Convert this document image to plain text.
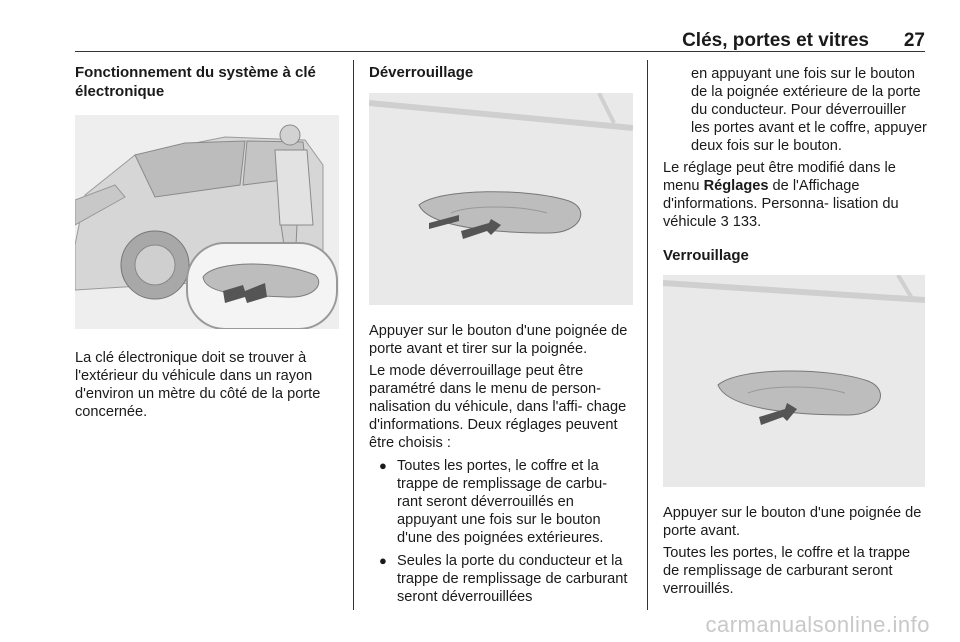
Clés, portes et vitres 27
Fonctionnement du système à clé électronique

La clé électronique doit se trouver à l'extérieur du véhicule dans un rayon d'environ un mètre du côté de la porte concernée.

Déverrouillage

Appuyer sur le bouton d'une poignée de porte avant et tirer sur la poignée.

Le mode déverrouillage peut être paramétré dans le menu de person- nalisation du véhicule, dans l'affi- chage d'informations. Deux réglages peuvent être choisis :

● Toutes les portes, le coffre et la trappe de remplissage de carbu- rant seront déverrouillés en appuyant une fois sur le bouton d'une des poignées extérieures.
● Seules la porte du conducteur et la trappe de remplissage de carburant seront déverrouillées

en appuyant une fois sur le bouton de la poignée extérieure de la porte du conducteur. Pour déverrouiller les portes avant et le coffre, appuyer deux fois sur le bouton.

Le réglage peut être modifié dans le menu Réglages de l'Affichage d'informations. Personna- lisation du véhicule 3 133.

Verrouillage

Appuyer sur le bouton d'une poignée de porte avant.

Toutes les portes, le coffre et la trappe de remplissage de carburant seront verrouillés.

carmanualsonline.info
